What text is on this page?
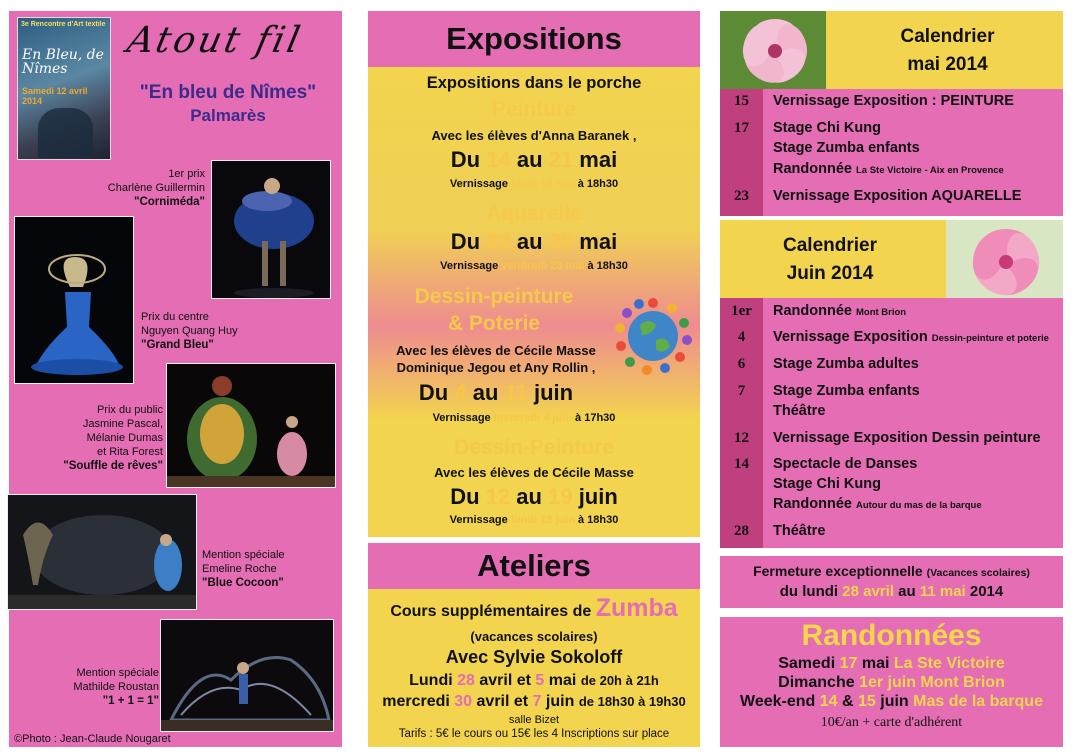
3e Rencontre d'Art textile
En Bleu, de Nîmes
Samedi 12 avril 2014
Atout fil
"En bleu de Nîmes"
Palmarès
1er prix
Charlène Guillermin
"Corniméda"
Prix du centre
Nguyen Quang Huy
"Grand Bleu"
Prix du public
Jasmine Pascal,
Mélanie Dumas
et Rita Forest
"Souffle de rêves"
Mention spéciale
Emeline Roche
"Blue Cocoon"
Mention spéciale
Mathilde Roustan
"1 + 1 = 1"
©Photo : Jean-Claude Nougaret
Expositions
Expositions dans le porche
Peinture
Avec les élèves d'Anna Baranek ,
Du 14 au 21 mai
Vernissage lundi 15 mai à 18h30
Aquarelle
Du 22 au 30 mai
Vernissage vendredi 23 mai à 18h30
Dessin-peinture
& Poterie
Avec les élèves de Cécile Masse
Dominique Jegou et Any Rollin ,
Du 4 au 11 juin
Vernissage mercredi 4 juin à 17h30
Dessin-Peinture
Avec les élèves de Cécile Masse
Du 12 au 19 juin
Vernissage lundi 12 juin à 18h30
Ateliers
Cours supplémentaires de Zumba
(vacances scolaires)
Avec Sylvie Sokoloff
Lundi 28 avril et 5 mai de 20h à 21h
mercredi 30 avril et 7 juin de 18h30 à 19h30
salle Bizet
Tarifs : 5€ le cours ou 15€ les 4 Inscriptions sur place
Calendrier
mai 2014
15	Vernissage Exposition : PEINTURE
17	Stage Chi Kung
Stage Zumba enfants
Randonnée La Ste Victoire - Aix en Provence
23	Vernissage Exposition AQUARELLE
Calendrier
Juin 2014
1er	Randonnée Mont Brion
4	Vernissage Exposition Dessin-peinture et poterie
6	Stage Zumba adultes
7	Stage Zumba enfants
Théâtre
12	Vernissage Exposition Dessin peinture
14	Spectacle de Danses
Stage Chi Kung
Randonnée Autour du mas de la barque
28	Théâtre
Fermeture exceptionnelle (Vacances scolaires)
du lundi 28 avril au 11 mai 2014
Randonnées
Samedi 17 mai La Ste Victoire
Dimanche 1er juin Mont Brion
Week-end 14 & 15 juin Mas de la barque
10€/an + carte d'adhérent
